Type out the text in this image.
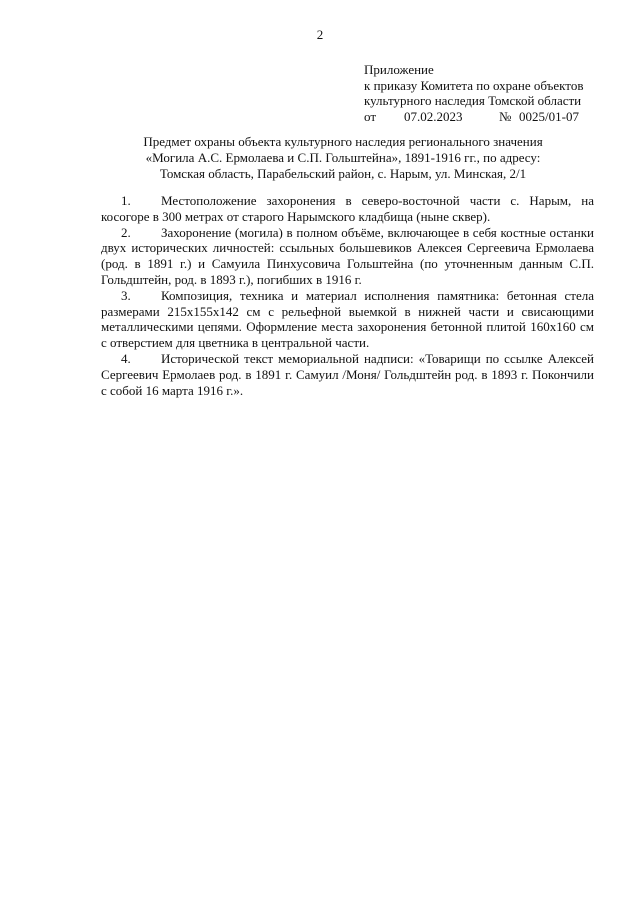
2
Приложение
к приказу Комитета по охране объектов
культурного наследия Томской области
от	07.02.2023	№ 0025/01-07
Предмет охраны объекта культурного наследия регионального значения
«Могила А.С. Ермолаева и С.П. Гольштейна», 1891-1916 гг., по адресу:
Томская область, Парабельский район, с. Нарым, ул. Минская, 2/1

1. Местоположение захоронения в северо-восточной части с. Нарым, на косогоре в 300 метрах от старого Нарымского кладбища (ныне сквер).

2. Захоронение (могила) в полном объёме, включающее в себя костные останки двух исторических личностей: ссыльных большевиков Алексея Сергеевича Ермолаева (род. в 1891 г.) и Самуила Пинхусовича Гольштейна (по уточненным данным С.П. Гольдштейн, род. в 1893 г.), погибших в 1916 г.

3. Композиция, техника и материал исполнения памятника: бетонная стела размерами 215х155х142 см с рельефной выемкой в нижней части и свисающими металлическими цепями. Оформление места захоронения бетонной плитой 160х160 см с отверстием для цветника в центральной части.

4. Исторической текст мемориальной надписи: «Товарищи по ссылке Алексей Сергеевич Ермолаев род. в 1891 г. Самуил /Моня/ Гольдштейн род. в 1893 г. Покончили с собой 16 марта 1916 г.».
